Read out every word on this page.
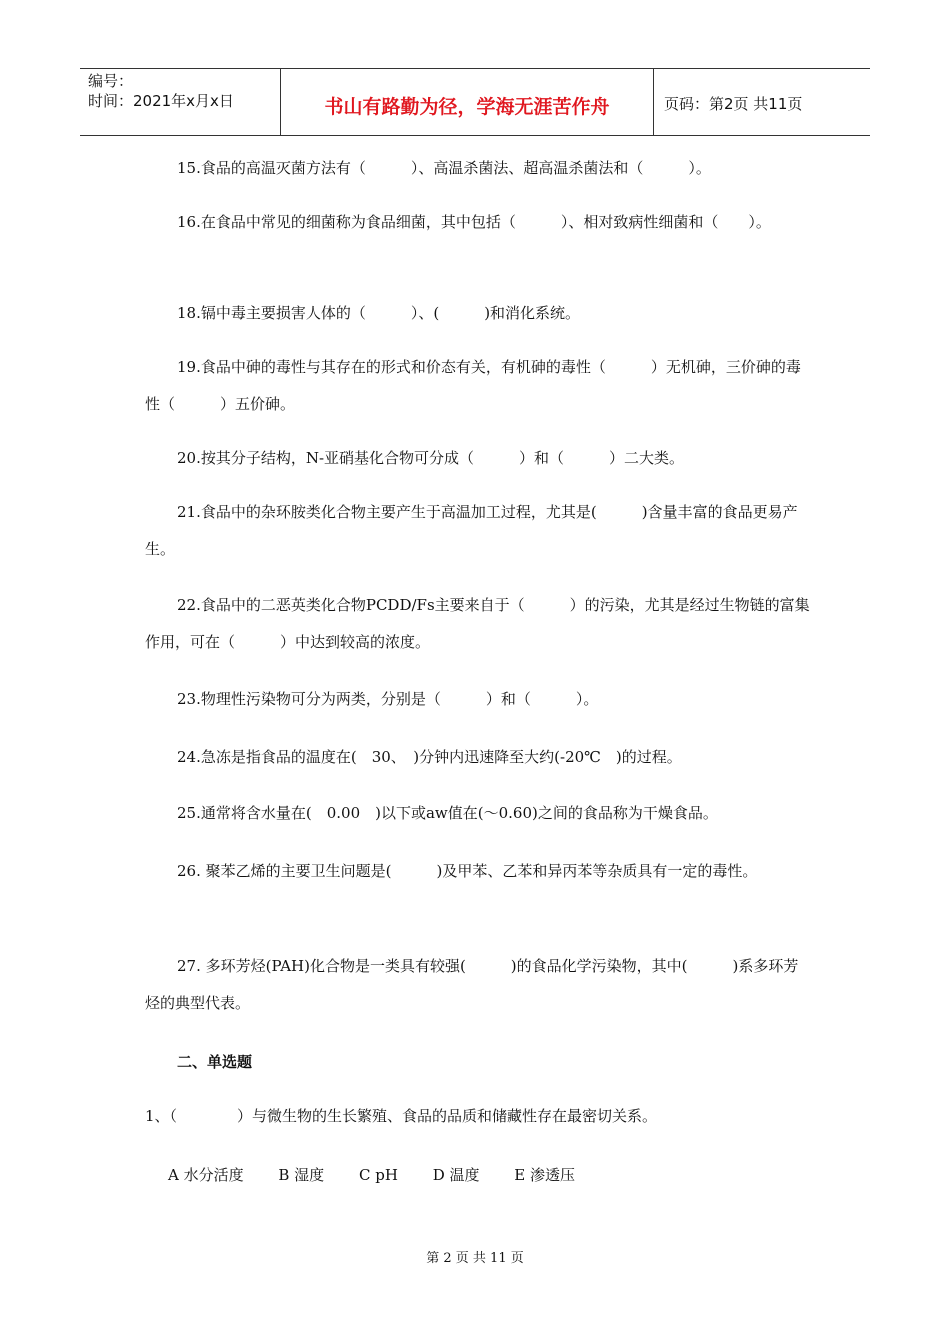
编号：
时间：2021年x月x日	书山有路勤为径，学海无涯苦作舟	页码：第2页 共11页
15.食品的高温灭菌方法有（　　　）、高温杀菌法、超高温杀菌法和（　　　）。
16.在食品中常见的细菌称为食品细菌，其中包括（　　　）、相对致病性细菌和（　　）。
18.镉中毒主要损害人体的（　　　）、(　　　)和消化系统。
19.食品中砷的毒性与其存在的形式和价态有关，有机砷的毒性（　　　）无机砷，三价砷的毒性（　　　）五价砷。
20.按其分子结构，N-亚硝基化合物可分成（　　　）和（　　　）二大类。
21.食品中的杂环胺类化合物主要产生于高温加工过程，尤其是(　　　)含量丰富的食品更易产生。
22.食品中的二恶英类化合物PCDD/Fs主要来自于（　　　）的污染，尤其是经过生物链的富集作用，可在（　　　）中达到较高的浓度。
23.物理性污染物可分为两类，分别是（　　　）和（　　　）。
24.急冻是指食品的温度在(　30、　)分钟内迅速降至大约(-20℃　)的过程。
25.通常将含水量在(　0.00　)以下或aw值在(～0.60)之间的食品称为干燥食品。
26. 聚苯乙烯的主要卫生问题是(　　　)及甲苯、乙苯和异丙苯等杂质具有一定的毒性。
27. 多环芳烃(PAH)化合物是一类具有较强(　　　)的食品化学污染物，其中(　　　)系多环芳烃的典型代表。
二、单选题
1、（　　　　）与微生物的生长繁殖、食品的品质和储藏性存在最密切关系。
A 水分活度 B 湿度 C pH D 温度 E 渗透压
第 2 页 共 11 页
